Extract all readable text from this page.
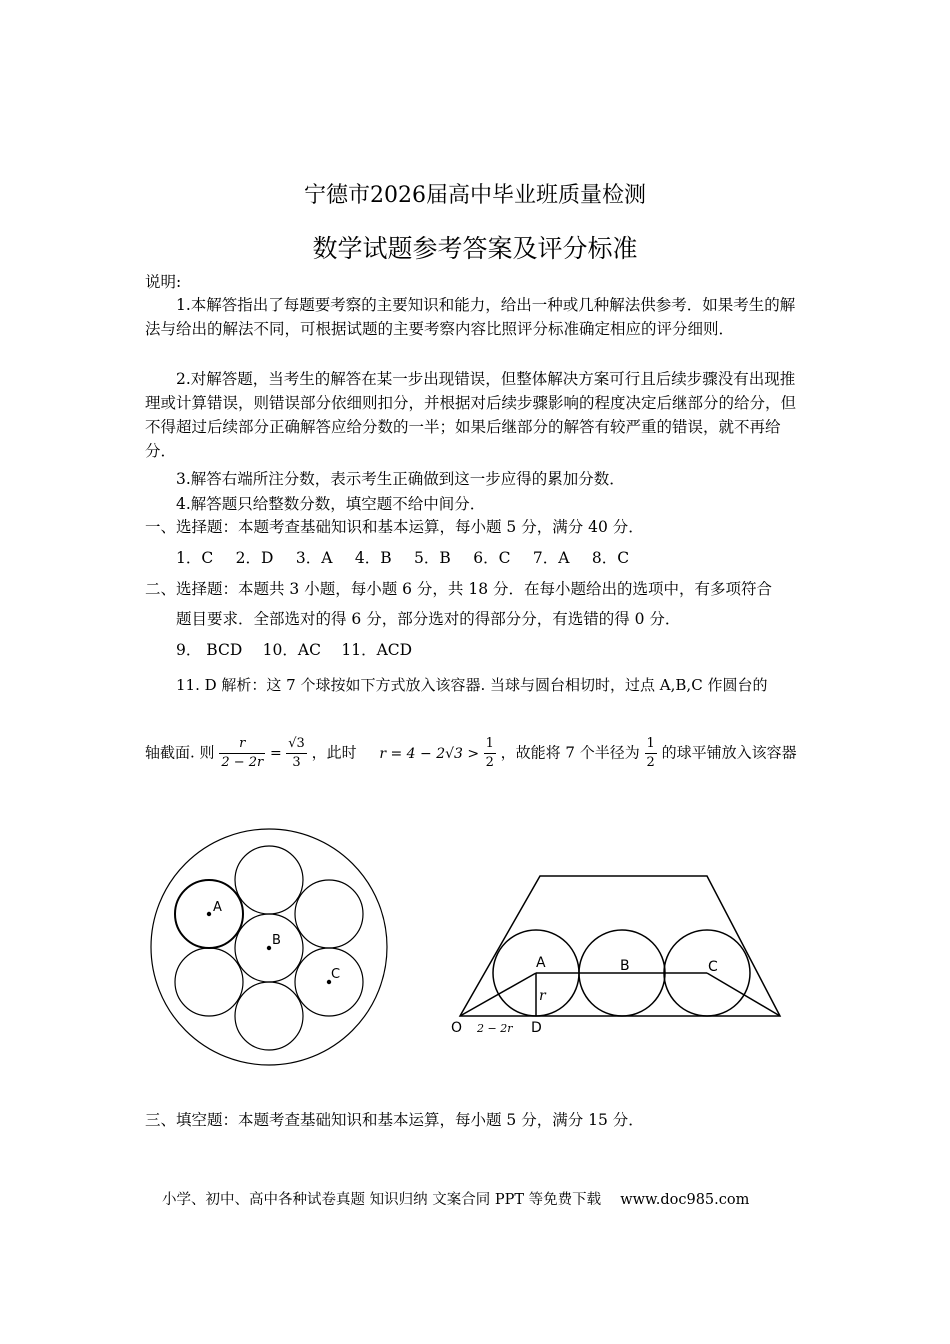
宁德市2026届高中毕业班质量检测
数学试题参考答案及评分标准
说明:
1.本解答指出了每题要考察的主要知识和能力，给出一种或几种解法供参考．如果考生的解法与给出的解法不同，可根据试题的主要考察内容比照评分标准确定相应的评分细则．
2.对解答题，当考生的解答在某一步出现错误，但整体解决方案可行且后续步骤没有出现推理或计算错误，则错误部分依细则扣分，并根据对后续步骤影响的程度决定后继部分的给分，但不得超过后续部分正确解答应给分数的一半；如果后继部分的解答有较严重的错误，就不再给分．
3.解答右端所注分数，表示考生正确做到这一步应得的累加分数．
4.解答题只给整数分数，填空题不给中间分．
一、选择题：本题考查基础知识和基本运算，每小题 5 分，满分 40 分．
1．C　 2．D　 3．A　 4．B　 5．B　 6．C　 7．A　 8．C
二、选择题：本题共 3 小题，每小题 6 分，共 18 分．在每小题给出的选项中，有多项符合
题目要求．全部选对的得 6 分，部分选对的得部分分，有选错的得 0 分．
9． BCD　 10．AC　 11．ACD
11. D 解析：这 7 个球按如下方式放入该容器. 当球与圆台相切时，过点 A,B,C 作圆台的
轴截面. 则 $\frac{r}{2 - 2r} = \frac{√3}{3}$ ，此时 $r = 4 - 2√3 > \frac{1}{2}$ ，故能将 7 个半径为 $\frac{1}{2}$ 的球平铺放入该容器
A
B
C
A	B	C
r
O	D
2 − 2r
三、填空题：本题考查基础知识和基本运算，每小题 5 分，满分 15 分．
小学、初中、高中各种试卷真题 知识归纳 文案合同 PPT 等免费下载　 www.doc985.com
